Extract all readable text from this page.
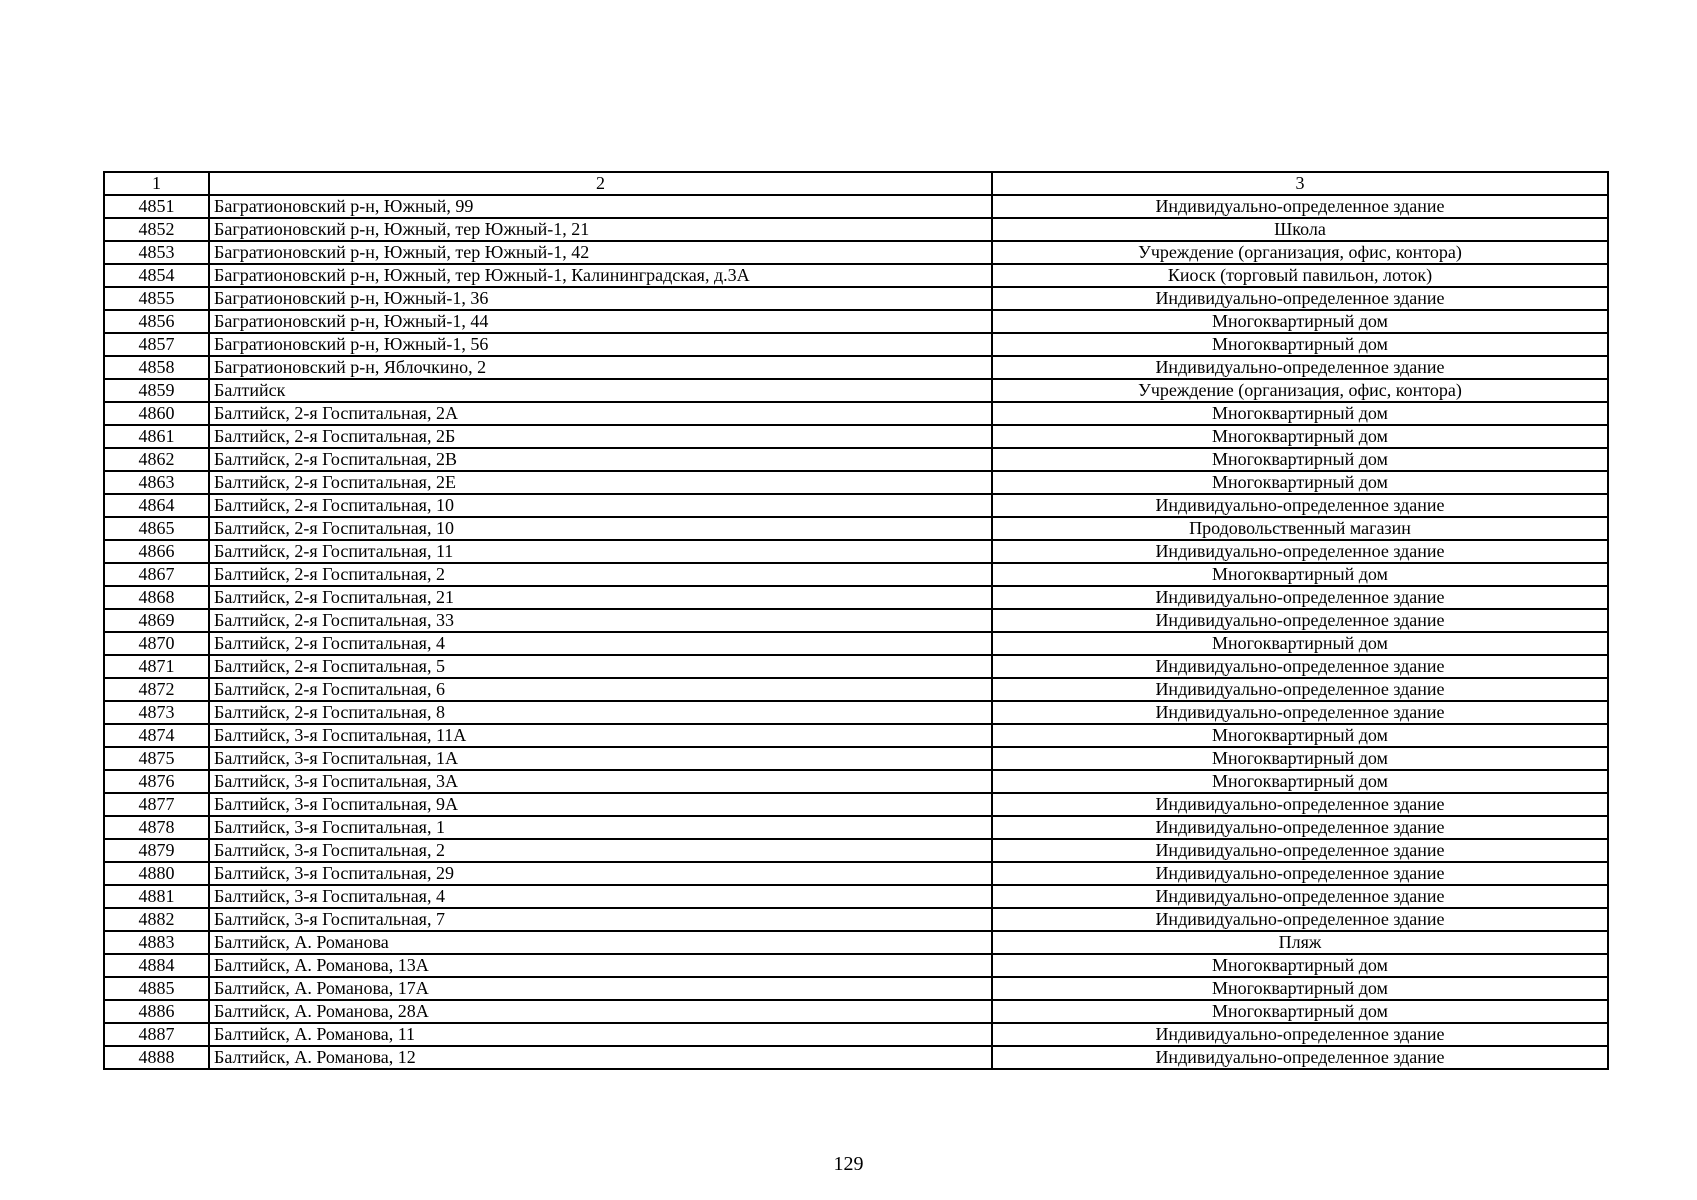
1	2	3
4851	Багратионовский р-н, Южный, 99	Индивидуально-определенное здание
4852	Багратионовский р-н, Южный, тер Южный-1, 21	Школа
4853	Багратионовский р-н, Южный, тер Южный-1, 42	Учреждение (организация, офис, контора)
4854	Багратионовский р-н, Южный, тер Южный-1, Калининградская, д.3А	Киоск (торговый павильон, лоток)
4855	Багратионовский р-н, Южный-1, 36	Индивидуально-определенное здание
4856	Багратионовский р-н, Южный-1, 44	Многоквартирный дом
4857	Багратионовский р-н, Южный-1, 56	Многоквартирный дом
4858	Багратионовский р-н, Яблочкино, 2	Индивидуально-определенное здание
4859	Балтийск	Учреждение (организация, офис, контора)
4860	Балтийск, 2-я Госпитальная, 2А	Многоквартирный дом
4861	Балтийск, 2-я Госпитальная, 2Б	Многоквартирный дом
4862	Балтийск, 2-я Госпитальная, 2В	Многоквартирный дом
4863	Балтийск, 2-я Госпитальная, 2Е	Многоквартирный дом
4864	Балтийск, 2-я Госпитальная, 10	Индивидуально-определенное здание
4865	Балтийск, 2-я Госпитальная, 10	Продовольственный магазин
4866	Балтийск, 2-я Госпитальная, 11	Индивидуально-определенное здание
4867	Балтийск, 2-я Госпитальная, 2	Многоквартирный дом
4868	Балтийск, 2-я Госпитальная, 21	Индивидуально-определенное здание
4869	Балтийск, 2-я Госпитальная, 33	Индивидуально-определенное здание
4870	Балтийск, 2-я Госпитальная, 4	Многоквартирный дом
4871	Балтийск, 2-я Госпитальная, 5	Индивидуально-определенное здание
4872	Балтийск, 2-я Госпитальная, 6	Индивидуально-определенное здание
4873	Балтийск, 2-я Госпитальная, 8	Индивидуально-определенное здание
4874	Балтийск, 3-я Госпитальная, 11А	Многоквартирный дом
4875	Балтийск, 3-я Госпитальная, 1А	Многоквартирный дом
4876	Балтийск, 3-я Госпитальная, 3А	Многоквартирный дом
4877	Балтийск, 3-я Госпитальная, 9А	Индивидуально-определенное здание
4878	Балтийск, 3-я Госпитальная, 1	Индивидуально-определенное здание
4879	Балтийск, 3-я Госпитальная, 2	Индивидуально-определенное здание
4880	Балтийск, 3-я Госпитальная, 29	Индивидуально-определенное здание
4881	Балтийск, 3-я Госпитальная, 4	Индивидуально-определенное здание
4882	Балтийск, 3-я Госпитальная, 7	Индивидуально-определенное здание
4883	Балтийск, А. Романова	Пляж
4884	Балтийск, А. Романова, 13А	Многоквартирный дом
4885	Балтийск, А. Романова, 17А	Многоквартирный дом
4886	Балтийск, А. Романова, 28А	Многоквартирный дом
4887	Балтийск, А. Романова, 11	Индивидуально-определенное здание
4888	Балтийск, А. Романова, 12	Индивидуально-определенное здание
129
